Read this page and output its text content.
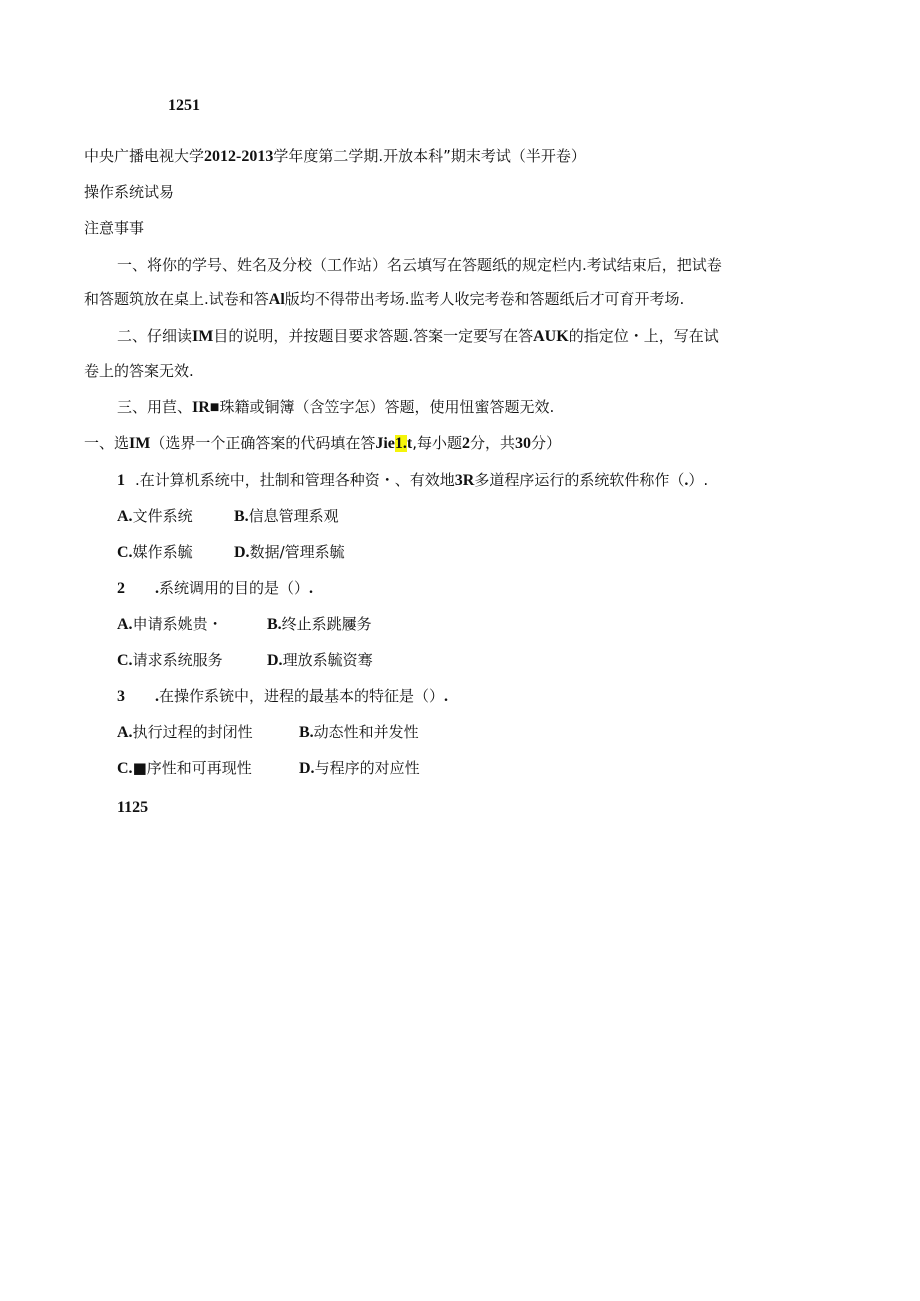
1251
中央广播电视大学2012-2013学年度第二学期.开放本科”期末考试（半开卷）
操作系统试易
注意事事
一、将你的学号、姓名及分校（工作站）名云填写在答题纸的规定栏内.考试结束后，把试卷
和答题筑放在桌上.试卷和答Al版均不得带出考场.监考人收完考卷和答题纸后才可育开考场.
二、仔细读IM目的说明，并按题目要求答题.答案一定要写在答AUK的指定位・上，写在试
卷上的答案无效.
三、用苣、IR■珠籍或铜簿（含笠字怎）答题，使用忸蜜答题无效.
一、选IM（选界一个正确答案的代码填在答Jie1.t,每小题2分，共30分）
1 .在计算机系统中，扗制和管理各种资・、有效地3R多道程序运行的系统软件称作（.）.
A.文件系统	B.信息管理系观
C.媒作系毓	D.数据/管理系毓
2 .系统调用的目的是（）.
A.申请系姚贵・	B.终止系跳屨务
C.请求系统服务	D.理放系毓资骞
3 .在操作系铳中，进程的最基本的特征是（）.
A.执行过程的封闭性	B.动态性和并发性
C.■序性和可再现性	D.与程序的对应性
1125
